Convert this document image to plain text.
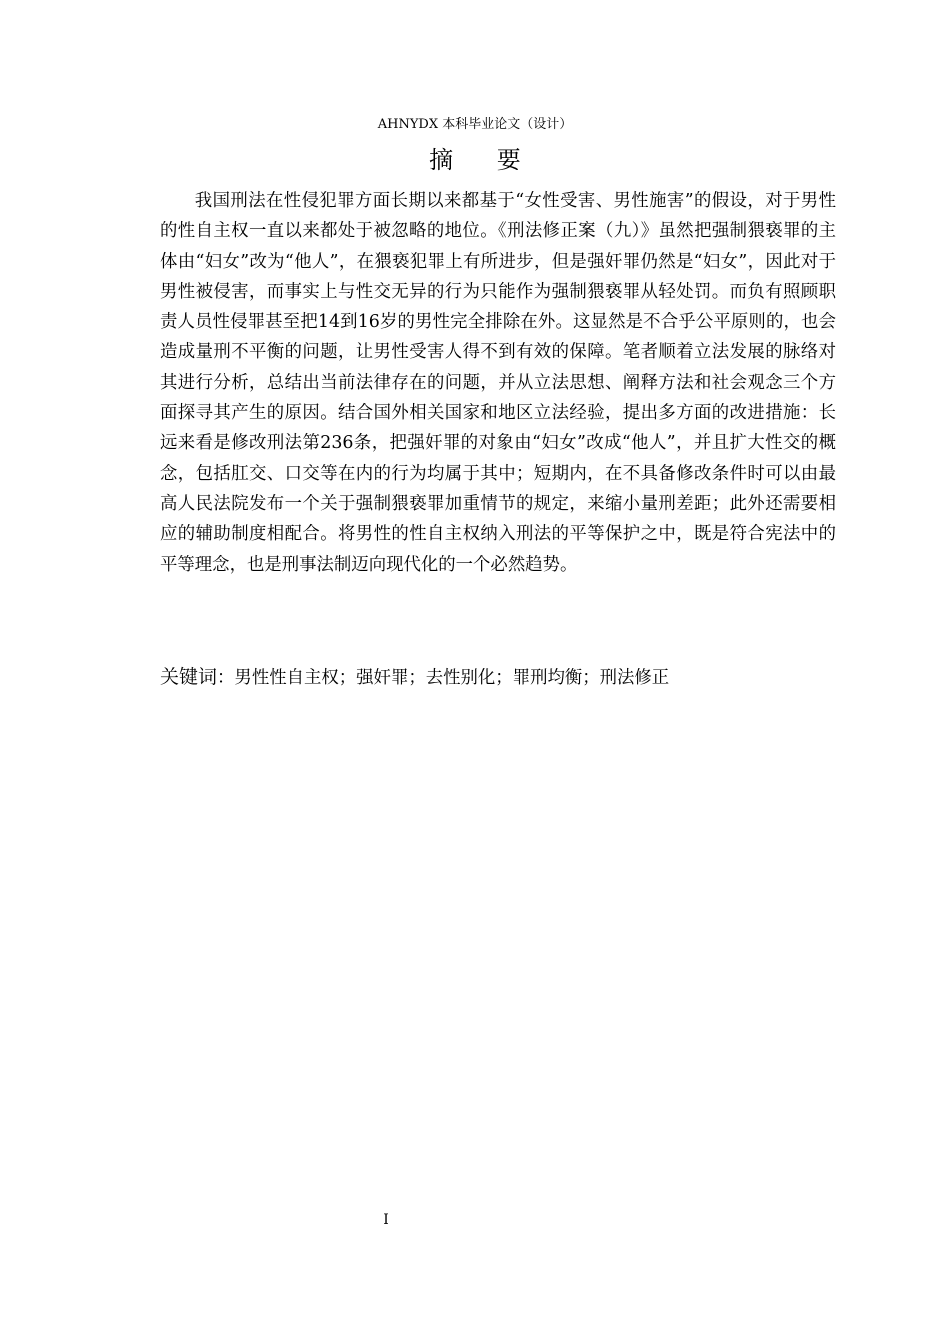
AHNYDX 本科毕业论文（设计）
摘 要

我国刑法在性侵犯罪方面长期以来都基于“女性受害、男性施害”的假设，对于男性的性自主权一直以来都处于被忽略的地位。《刑法修正案（九）》虽然把强制猥亵罪的主体由“妇女”改为“他人”，在猥亵犯罪上有所进步，但是强奸罪仍然是“妇女”，因此对于男性被侵害，而事实上与性交无异的行为只能作为强制猥亵罪从轻处罚。而负有照顾职责人员性侵罪甚至把14到16岁的男性完全排除在外。这显然是不合乎公平原则的，也会造成量刑不平衡的问题，让男性受害人得不到有效的保障。笔者顺着立法发展的脉络对其进行分析，总结出当前法律存在的问题，并从立法思想、阐释方法和社会观念三个方面探寻其产生的原因。结合国外相关国家和地区立法经验，提出多方面的改进措施：长远来看是修改刑法第236条，把强奸罪的对象由“妇女”改成“他人”，并且扩大性交的概念，包括肛交、口交等在内的行为均属于其中；短期内，在不具备修改条件时可以由最高人民法院发布一个关于强制猥亵罪加重情节的规定，来缩小量刑差距；此外还需要相应的辅助制度相配合。将男性的性自主权纳入刑法的平等保护之中，既是符合宪法中的平等理念，也是刑事法制迈向现代化的一个必然趋势。

关键词：男性性自主权；强奸罪；去性别化；罪刑均衡；刑法修正
I
